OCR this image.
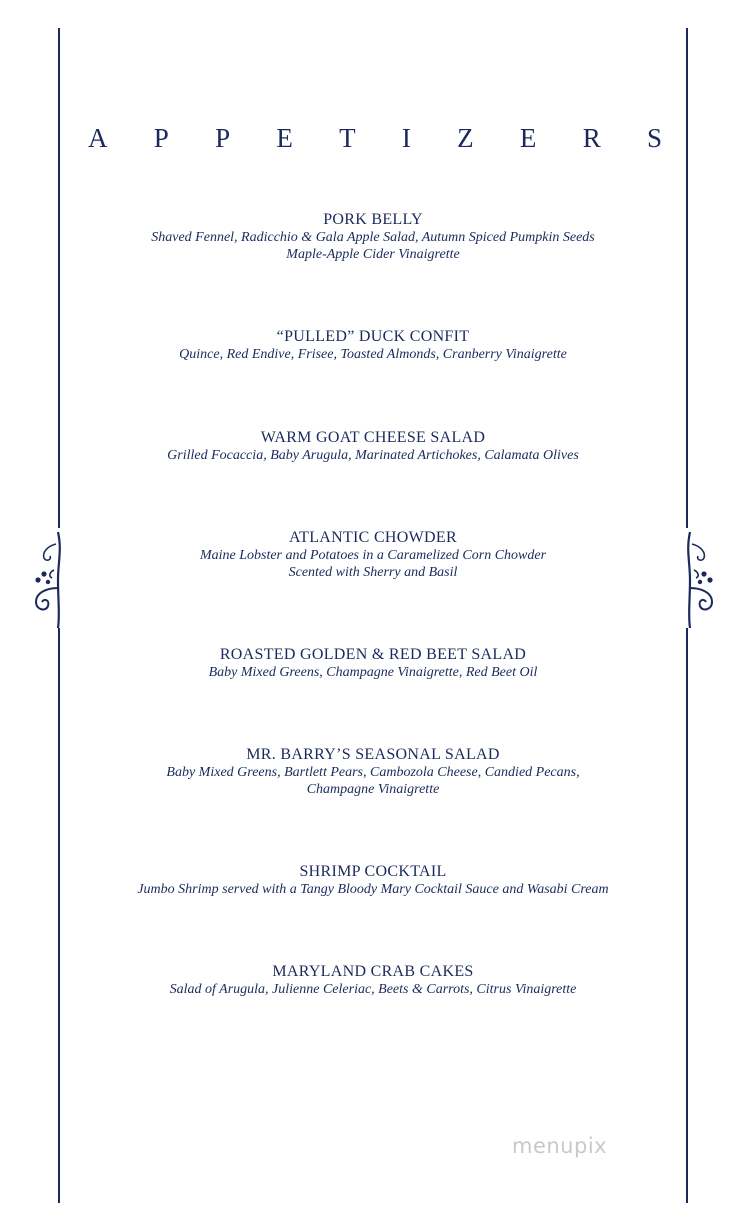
A P P E T I Z E R S
PORK BELLY
Shaved Fennel, Radicchio & Gala Apple Salad, Autumn Spiced Pumpkin Seeds
Maple-Apple Cider Vinaigrette
“PULLED” DUCK CONFIT
Quince, Red Endive, Frisee, Toasted Almonds, Cranberry Vinaigrette
WARM GOAT CHEESE SALAD
Grilled Focaccia, Baby Arugula, Marinated Artichokes, Calamata Olives
ATLANTIC CHOWDER
Maine Lobster and Potatoes in a Caramelized Corn Chowder
Scented with Sherry and Basil
ROASTED GOLDEN & RED BEET SALAD
Baby Mixed Greens, Champagne Vinaigrette, Red Beet Oil
MR. BARRY’S SEASONAL SALAD
Baby Mixed Greens, Bartlett Pears, Cambozola Cheese, Candied Pecans,
Champagne Vinaigrette
SHRIMP COCKTAIL
Jumbo Shrimp served with a Tangy Bloody Mary Cocktail Sauce and Wasabi Cream
MARYLAND CRAB CAKES
Salad of Arugula, Julienne Celeriac, Beets & Carrots, Citrus Vinaigrette
menupix
